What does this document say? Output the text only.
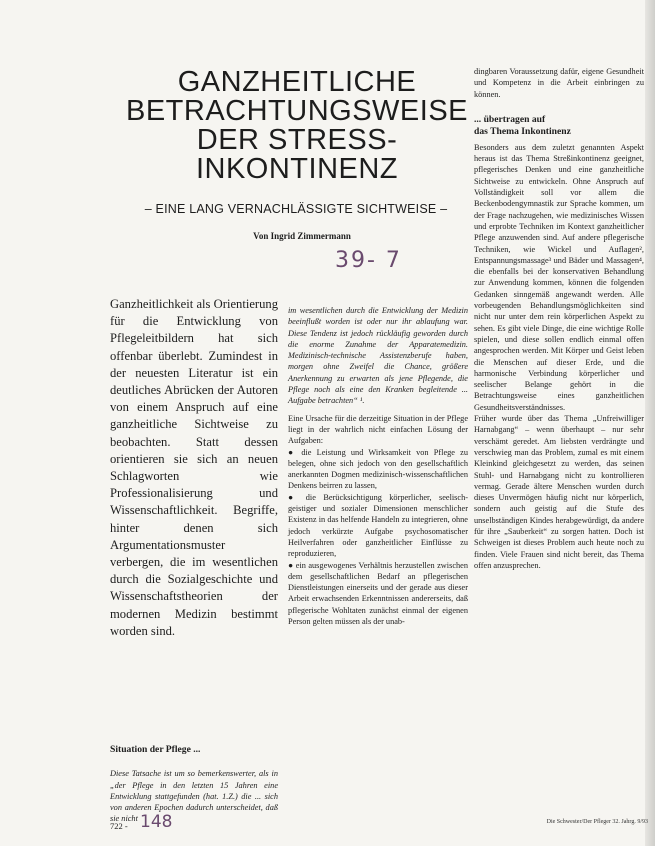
GANZHEITLICHE
BETRACHTUNGSWEISE
DER STRESS-
INKONTINENZ
– EINE LANG VERNACHLÄSSIGTE SICHTWEISE –
Von Ingrid Zimmermann
39- 7

Ganzheitlichkeit als Orientierung für die Entwicklung von Pflegeleitbildern hat sich offenbar überlebt. Zumindest in der neuesten Literatur ist ein deutliches Abrücken der Autoren von einem Anspruch auf eine ganzheitliche Sichtweise zu beobachten. Statt dessen orientieren sie sich an neuen Schlagworten wie Professionalisierung und Wissenschaftlichkeit. Begriffe, hinter denen sich Argumentationsmuster verbergen, die im wesentlichen durch die Sozialgeschichte und Wissenschaftstheorien der modernen Medizin bestimmt worden sind.

Situation der Pflege ...

Diese Tatsache ist um so bemerkenswerter, als in „der Pflege in den letzten 15 Jahren eine Entwicklung stattgefunden (hat. 1.Z.) die ... sich von anderen Epochen dadurch unterscheidet, daß sie nicht

im wesentlichen durch die Entwicklung der Medizin beeinflußt worden ist oder nur ihr ablaufung war. Diese Tendenz ist jedoch rückläufig geworden durch die enorme Zunahme der Apparatemedizin. Medizinisch-technische Assistenzberufe haben, morgen ohne Zweifel die Chance, größere Anerkennung zu erwarten als jene Pflegende, die Pflege noch als eine den Kranken begleitende ... Aufgabe betrachten“ ¹.

Eine Ursache für die derzeitige Situation in der Pflege liegt in der wahrlich nicht einfachen Lösung der Aufgaben:

● die Leistung und Wirksamkeit von Pflege zu belegen, ohne sich jedoch von den gesellschaftlich anerkannten Dogmen medizinisch-wissenschaftlichen Denkens beirren zu lassen,

● die Berücksichtigung körperlicher, seelisch-geistiger und sozialer Dimensionen menschlicher Existenz in das helfende Handeln zu integrieren, ohne jedoch verkürzte Aufgabe psychosomatischer Heilverfahren oder ganzheitlicher Einflüsse zu reproduzieren,

● ein ausgewogenes Verhältnis herzustellen zwischen dem gesellschaftlichen Bedarf an pflegerischen Dienstleistungen einerseits und der gerade aus dieser Arbeit erwachsenden Erkenntnissen andererseits, daß pflegerische Wohltaten zunächst einmal der eigenen Person gelten müssen als der unab-

dingbaren Voraussetzung dafür, eigene Gesundheit und Kompetenz in die Arbeit einbringen zu können.

... übertragen auf
das Thema Inkontinenz

Besonders aus dem zuletzt genannten Aspekt heraus ist das Thema Streßinkontinenz geeignet, pflegerisches Denken und eine ganzheitliche Sichtweise zu entwickeln. Ohne Anspruch auf Vollständigkeit soll vor allem die Beckenbodengymnastik zur Sprache kommen, um der Frage nachzugehen, wie medizinisches Wissen und erprobte Techniken im Kontext ganzheitlicher Pflege anzuwenden sind. Auf andere pflegerische Techniken, wie Wickel und Auflagen², Entspannungsmassage³ und Bäder und Massagen⁴, die ebenfalls bei der konservativen Behandlung zur Anwendung kommen, können die folgenden Gedanken sinngemäß angewandt werden. Alle vorbeugenden Behandlungsmöglichkeiten sind nicht nur unter dem rein körperlichen Aspekt zu sehen. Es gibt viele Dinge, die eine wichtige Rolle spielen, und diese sollen endlich einmal offen angesprochen werden. Mit Körper und Geist leben die Menschen auf dieser Erde, und die harmonische Verbindung körperlicher und seelischer Belange gehört in die Betrachtungsweise eines ganzheitlichen Gesundheitsverständnisses.

Früher wurde über das Thema „Unfreiwilliger Harnabgang“ – wenn überhaupt – nur sehr verschämt geredet. Am liebsten verdrängte und verschwieg man das Problem, zumal es mit einem Kleinkind gleichgesetzt zu werden, das seinen Stuhl- und Harnabgang nicht zu kontrollieren vermag. Gerade ältere Menschen wurden durch dieses Unvermögen häufig nicht nur körperlich, sondern auch geistig auf die Stufe des unselbständigen Kindes herabgewürdigt, da andere für ihre „Sauberkeit“ zu sorgen hatten. Doch ist Schweigen ist dieses Problem auch heute noch zu finden. Viele Frauen sind nicht bereit, das Thema offen anzusprechen.

722 - 148	Die Schwester/Der Pfleger 32. Jahrg. 9/93
